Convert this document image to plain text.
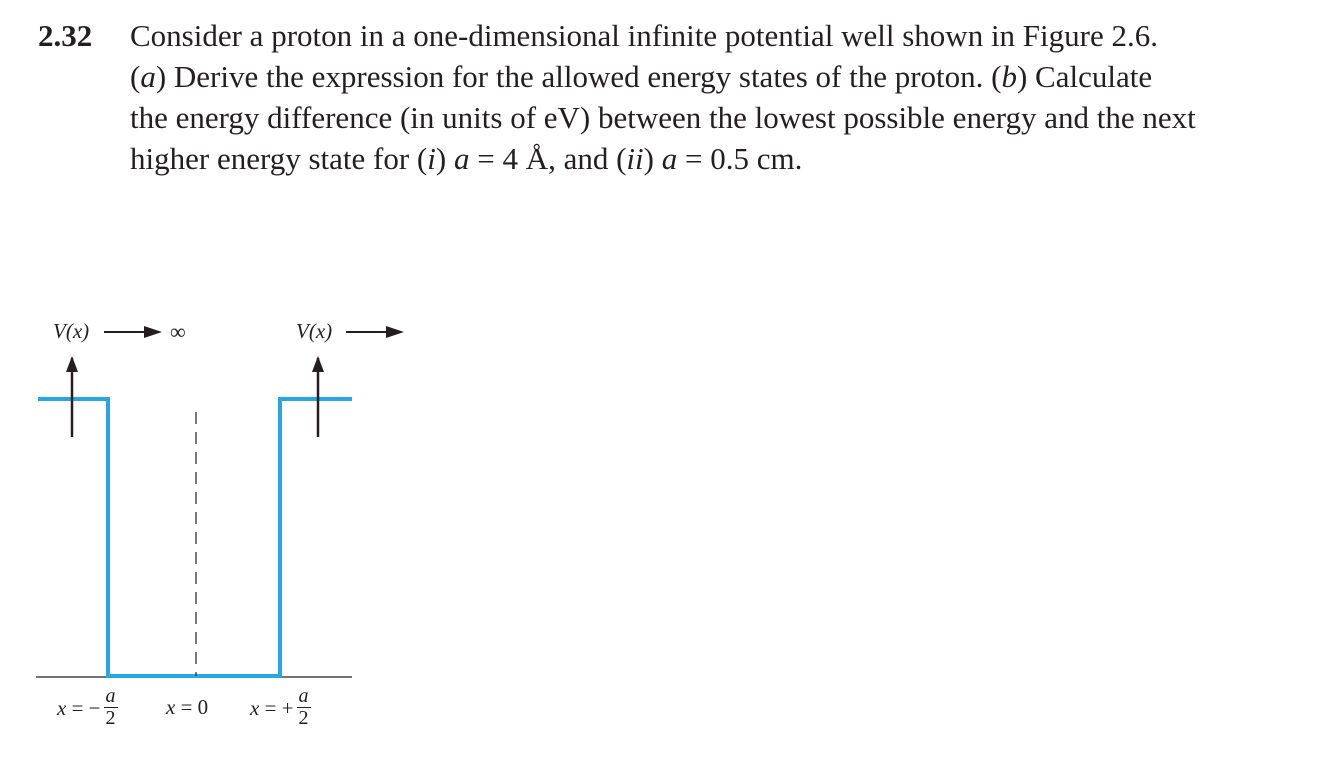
2.32 Consider a proton in a one-dimensional infinite potential well shown in Figure 2.6.
(a) Derive the expression for the allowed energy states of the proton. (b) Calculate
the energy difference (in units of eV) between the lowest possible energy and the next
higher energy state for (i) a = 4 Å, and (ii) a = 0.5 cm.
V(x)	∞	V(x)
x = − $\frac{a}{2}$ x = 0 x = + $\frac{a}{2}$
